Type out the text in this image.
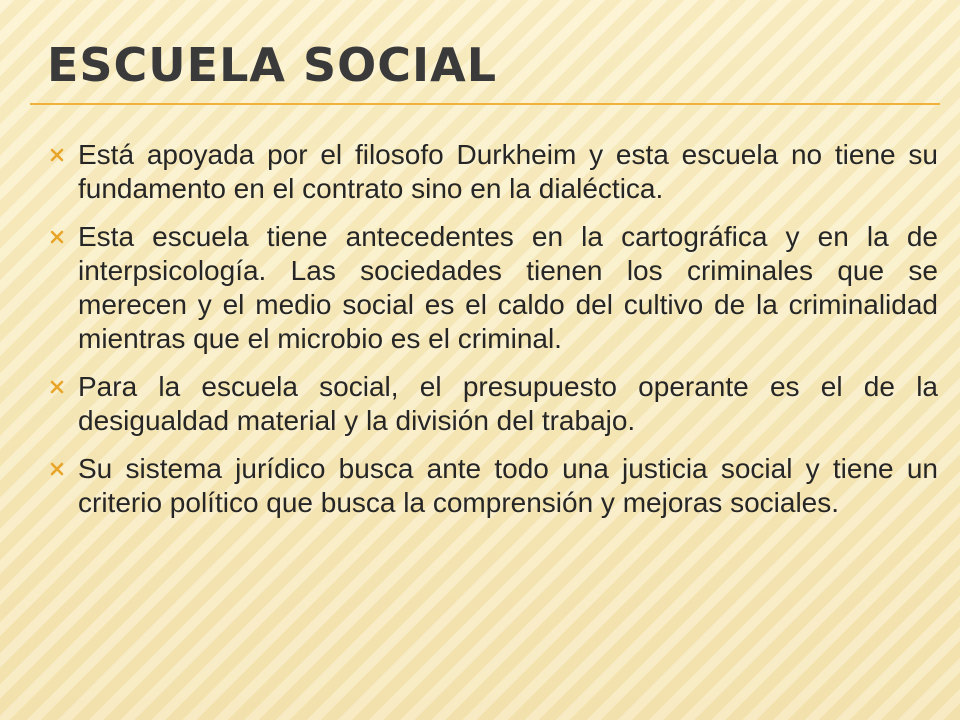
ESCUELA SOCIAL
Está apoyada por el filosofo Durkheim y esta escuela no tiene su fundamento en el contrato sino en la dialéctica.
Esta escuela tiene antecedentes en la cartográfica y en la de interpsicología. Las sociedades tienen los criminales que se merecen y el medio social es el caldo del cultivo de la criminalidad mientras que el microbio es el criminal.
Para la escuela social, el presupuesto operante es el de la desigualdad material y la división del trabajo.
Su sistema jurídico busca ante todo una justicia social y tiene un criterio político que busca la comprensión y mejoras sociales.
